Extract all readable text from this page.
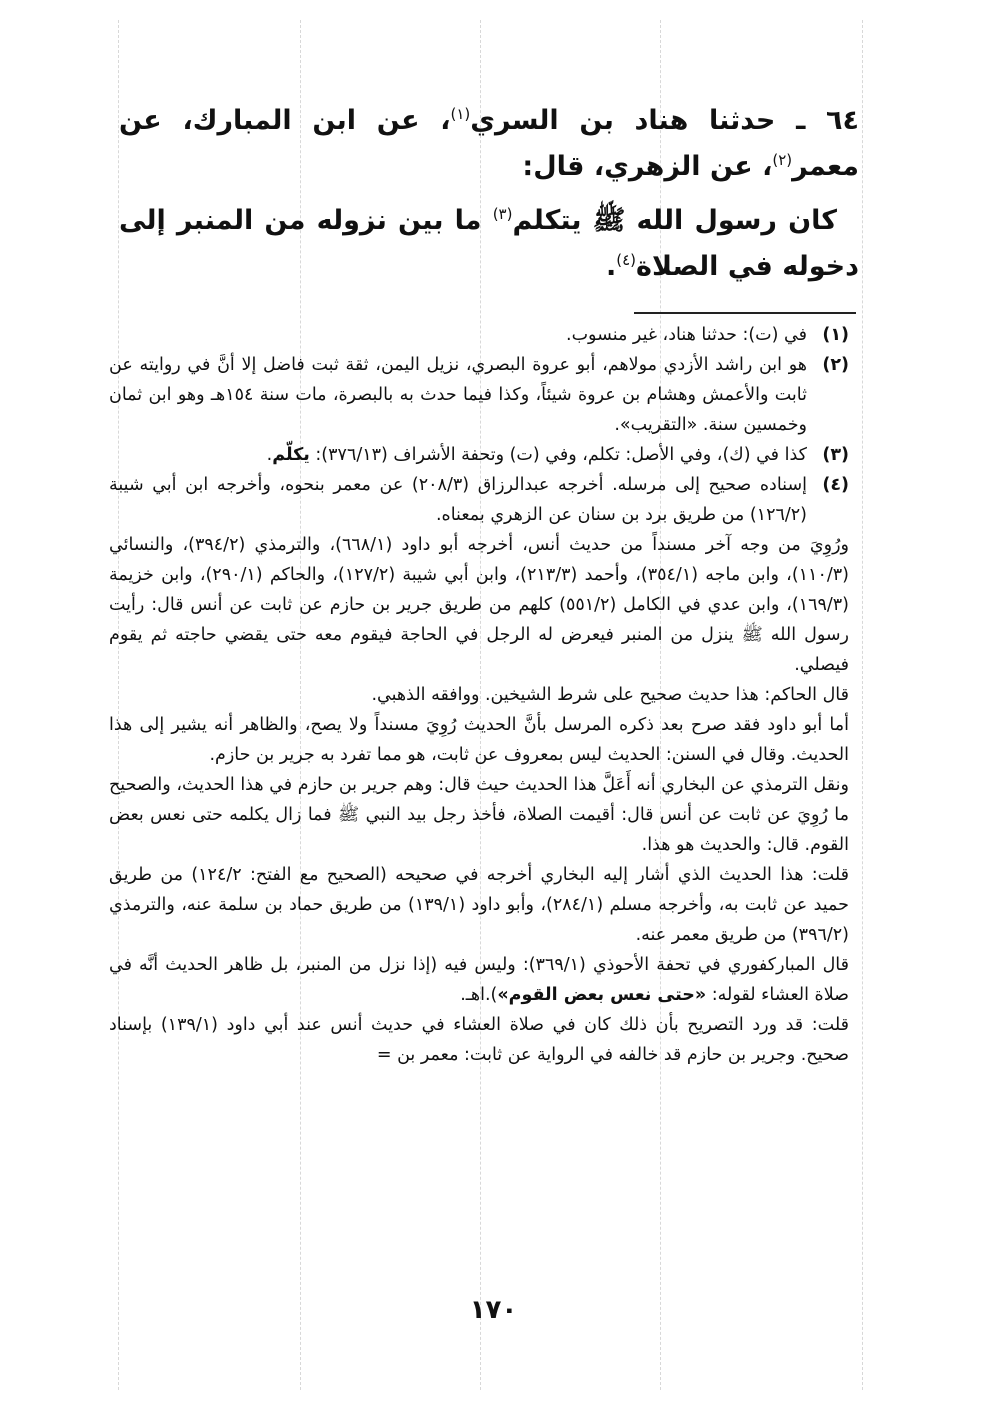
٦٤ ـ حدثنا هناد بن السري$^{(١)}$، عن ابن المبارك، عن معمر$^{(٢)}$، عن الزهري، قال:
كان رسول الله ﷺ يتكلم$^{(٣)}$ ما بين نزوله من المنبر إلى دخوله في الصلاة$^{(٤)}$.

(١)
في (ت): حدثنا هناد، غير منسوب.

(٢)
هو ابن راشد الأزدي مولاهم، أبو عروة البصري، نزيل اليمن، ثقة ثبت فاضل إلا أنَّ في روايته عن ثابت والأعمش وهشام بن عروة شيئاً، وكذا فيما حدث به بالبصرة، مات سنة ١٥٤هـ وهو ابن ثمان وخمسين سنة. «التقريب».

(٣)
كذا في (ك)، وفي الأصل: تكلم، وفي (ت) وتحفة الأشراف (٣٧٦/١٣): يكلّم.

(٤)
إسناده صحيح إلى مرسله. أخرجه عبدالرزاق (٢٠٨/٣) عن معمر بنحوه، وأخرجه ابن أبي شيبة (١٢٦/٢) من طريق برد بن سنان عن الزهري بمعناه.

ورُوِيَ من وجه آخر مسنداً من حديث أنس، أخرجه أبو داود (٦٦٨/١)، والترمذي (٣٩٤/٢)، والنسائي (١١٠/٣)، وابن ماجه (٣٥٤/١)، وأحمد (٢١٣/٣)، وابن أبي شيبة (١٢٧/٢)، والحاكم (٢٩٠/١)، وابن خزيمة (١٦٩/٣)، وابن عدي في الكامل (٥٥١/٢) كلهم من طريق جرير بن حازم عن ثابت عن أنس قال: رأيت رسول الله ﷺ ينزل من المنبر فيعرض له الرجل في الحاجة فيقوم معه حتى يقضي حاجته ثم يقوم فيصلي.

قال الحاكم: هذا حديث صحيح على شرط الشيخين. ووافقه الذهبي.

أما أبو داود فقد صرح بعد ذكره المرسل بأنَّ الحديث رُوِيَ مسنداً ولا يصح، والظاهر أنه يشير إلى هذا الحديث. وقال في السنن: الحديث ليس بمعروف عن ثابت، هو مما تفرد به جرير بن حازم.

ونقل الترمذي عن البخاري أنه أَعَلَّ هذا الحديث حيث قال: وهم جرير بن حازم في هذا الحديث، والصحيح ما رُوِيَ عن ثابت عن أنس قال: أقيمت الصلاة، فأخذ رجل بيد النبي ﷺ فما زال يكلمه حتى نعس بعض القوم. قال: والحديث هو هذا.

قلت: هذا الحديث الذي أشار إليه البخاري أخرجه في صحيحه (الصحيح مع الفتح: ١٢٤/٢) من طريق حميد عن ثابت به، وأخرجه مسلم (٢٨٤/١)، وأبو داود (١٣٩/١) من طريق حماد بن سلمة عنه، والترمذي (٣٩٦/٢) من طريق معمر عنه.

قال المباركفوري في تحفة الأحوذي (٣٦٩/١): وليس فيه (إذا نزل من المنبر، بل ظاهر الحديث أنَّه في صلاة العشاء لقوله: «حتى نعس بعض القوم»).اهـ.

قلت: قد ورد التصريح بأن ذلك كان في صلاة العشاء في حديث أنس عند أبي داود (١٣٩/١) بإسناد صحيح. وجرير بن حازم قد خالفه في الرواية عن ثابت: معمر بن =

١٧٠
